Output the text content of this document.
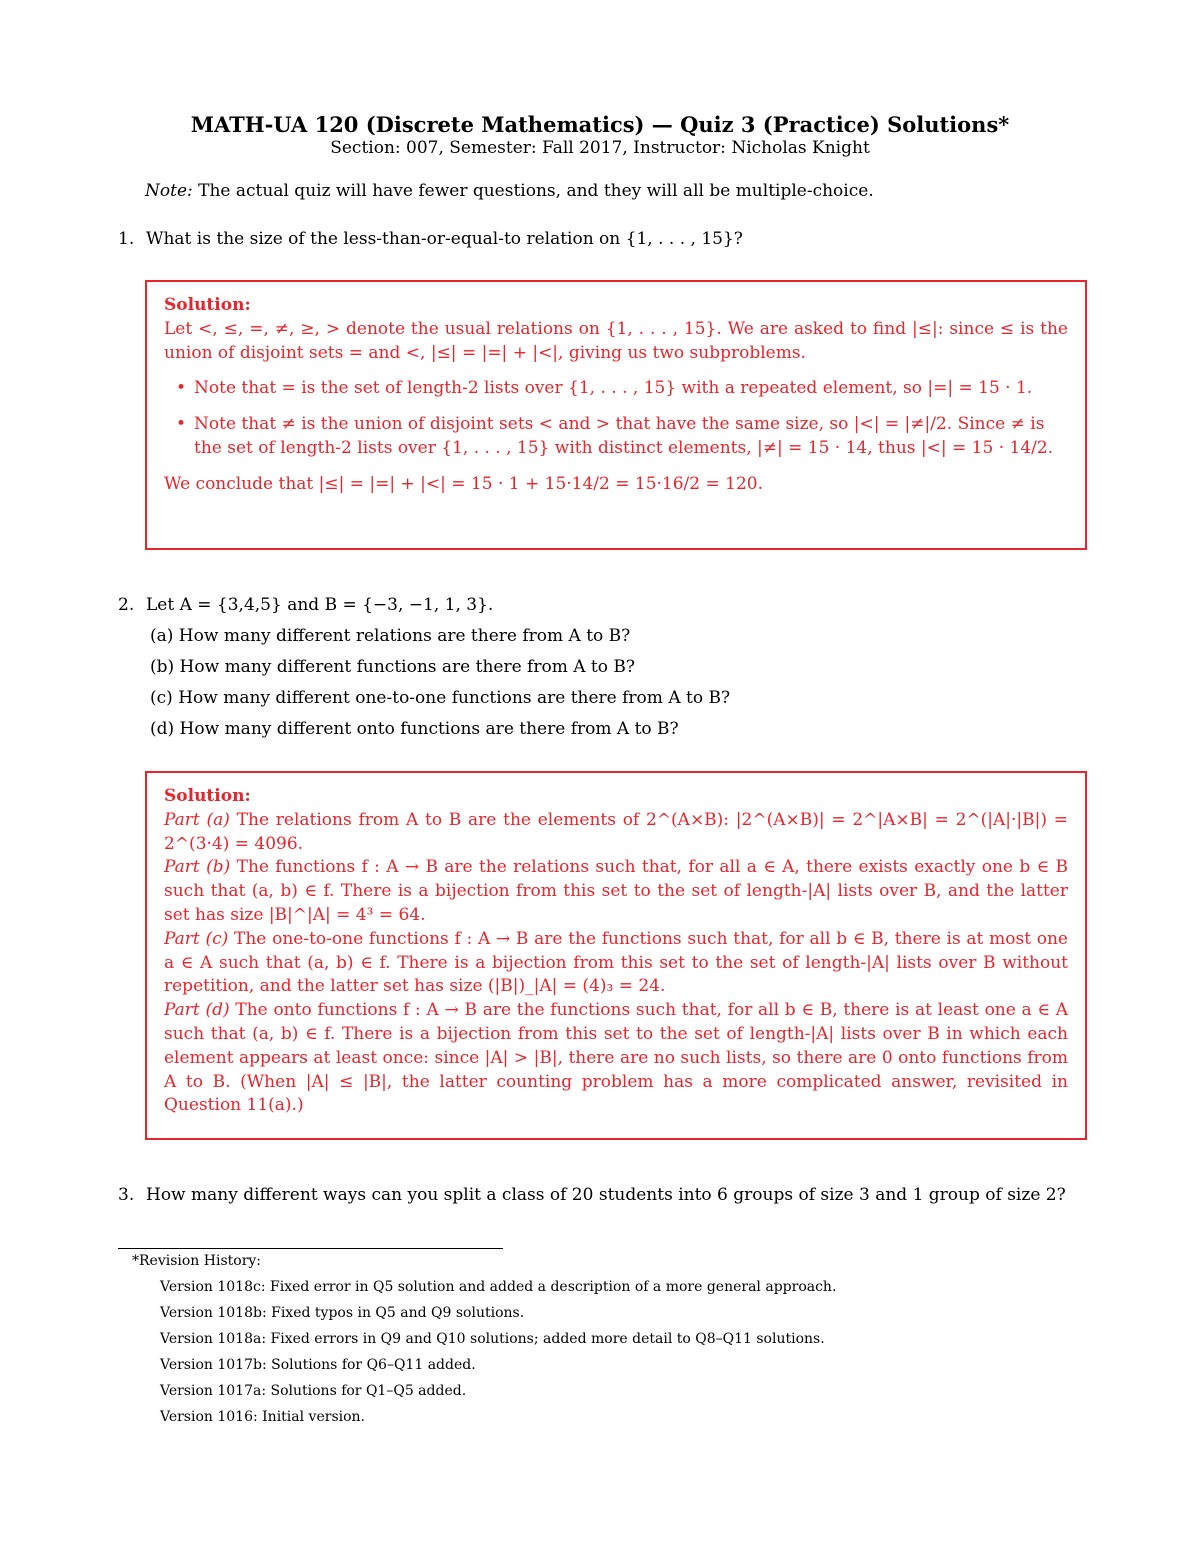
MATH-UA 120 (Discrete Mathematics) — Quiz 3 (Practice) Solutions*
Section: 007, Semester: Fall 2017, Instructor: Nicholas Knight
Note: The actual quiz will have fewer questions, and they will all be multiple-choice.
1. What is the size of the less-than-or-equal-to relation on {1, . . . , 15}?

Solution:

Let <, ≤, =, ≠, ≥, > denote the usual relations on {1, . . . , 15}. We are asked to find |≤|: since ≤ is the union of disjoint sets = and <, |≤| = |=| + |<|, giving us two subproblems.

• Note that = is the set of length-2 lists over {1, . . . , 15} with a repeated element, so |=| = 15 · 1.
• Note that ≠ is the union of disjoint sets < and > that have the same size, so |<| = |≠|/2. Since ≠ is the set of length-2 lists over {1, . . . , 15} with distinct elements, |≠| = 15 · 14, thus |<| = 15 · 14/2.

We conclude that |≤| = |=| + |<| = 15 · 1 + 15·14/2 = 15·16/2 = 120.

2. Let A = {3,4,5} and B = {−3, −1, 1, 3}.
(a) How many different relations are there from A to B?
(b) How many different functions are there from A to B?
(c) How many different one-to-one functions are there from A to B?
(d) How many different onto functions are there from A to B?

Solution:

Part (a) The relations from A to B are the elements of 2^(A×B): |2^(A×B)| = 2^|A×B| = 2^(|A|·|B|) = 2^(3·4) = 4096.

Part (b) The functions f : A → B are the relations such that, for all a ∈ A, there exists exactly one b ∈ B such that (a, b) ∈ f. There is a bijection from this set to the set of length-|A| lists over B, and the latter set has size |B|^|A| = 4³ = 64.

Part (c) The one-to-one functions f : A → B are the functions such that, for all b ∈ B, there is at most one a ∈ A such that (a, b) ∈ f. There is a bijection from this set to the set of length-|A| lists over B without repetition, and the latter set has size (|B|)_|A| = (4)₃ = 24.

Part (d) The onto functions f : A → B are the functions such that, for all b ∈ B, there is at least one a ∈ A such that (a, b) ∈ f. There is a bijection from this set to the set of length-|A| lists over B in which each element appears at least once: since |A| > |B|, there are no such lists, so there are 0 onto functions from A to B. (When |A| ≤ |B|, the latter counting problem has a more complicated answer, revisited in Question 11(a).)

3. How many different ways can you split a class of 20 students into 6 groups of size 3 and 1 group of size 2?
*Revision History:
Version 1018c: Fixed error in Q5 solution and added a description of a more general approach.
Version 1018b: Fixed typos in Q5 and Q9 solutions.
Version 1018a: Fixed errors in Q9 and Q10 solutions; added more detail to Q8–Q11 solutions.
Version 1017b: Solutions for Q6–Q11 added.
Version 1017a: Solutions for Q1–Q5 added.
Version 1016: Initial version.
